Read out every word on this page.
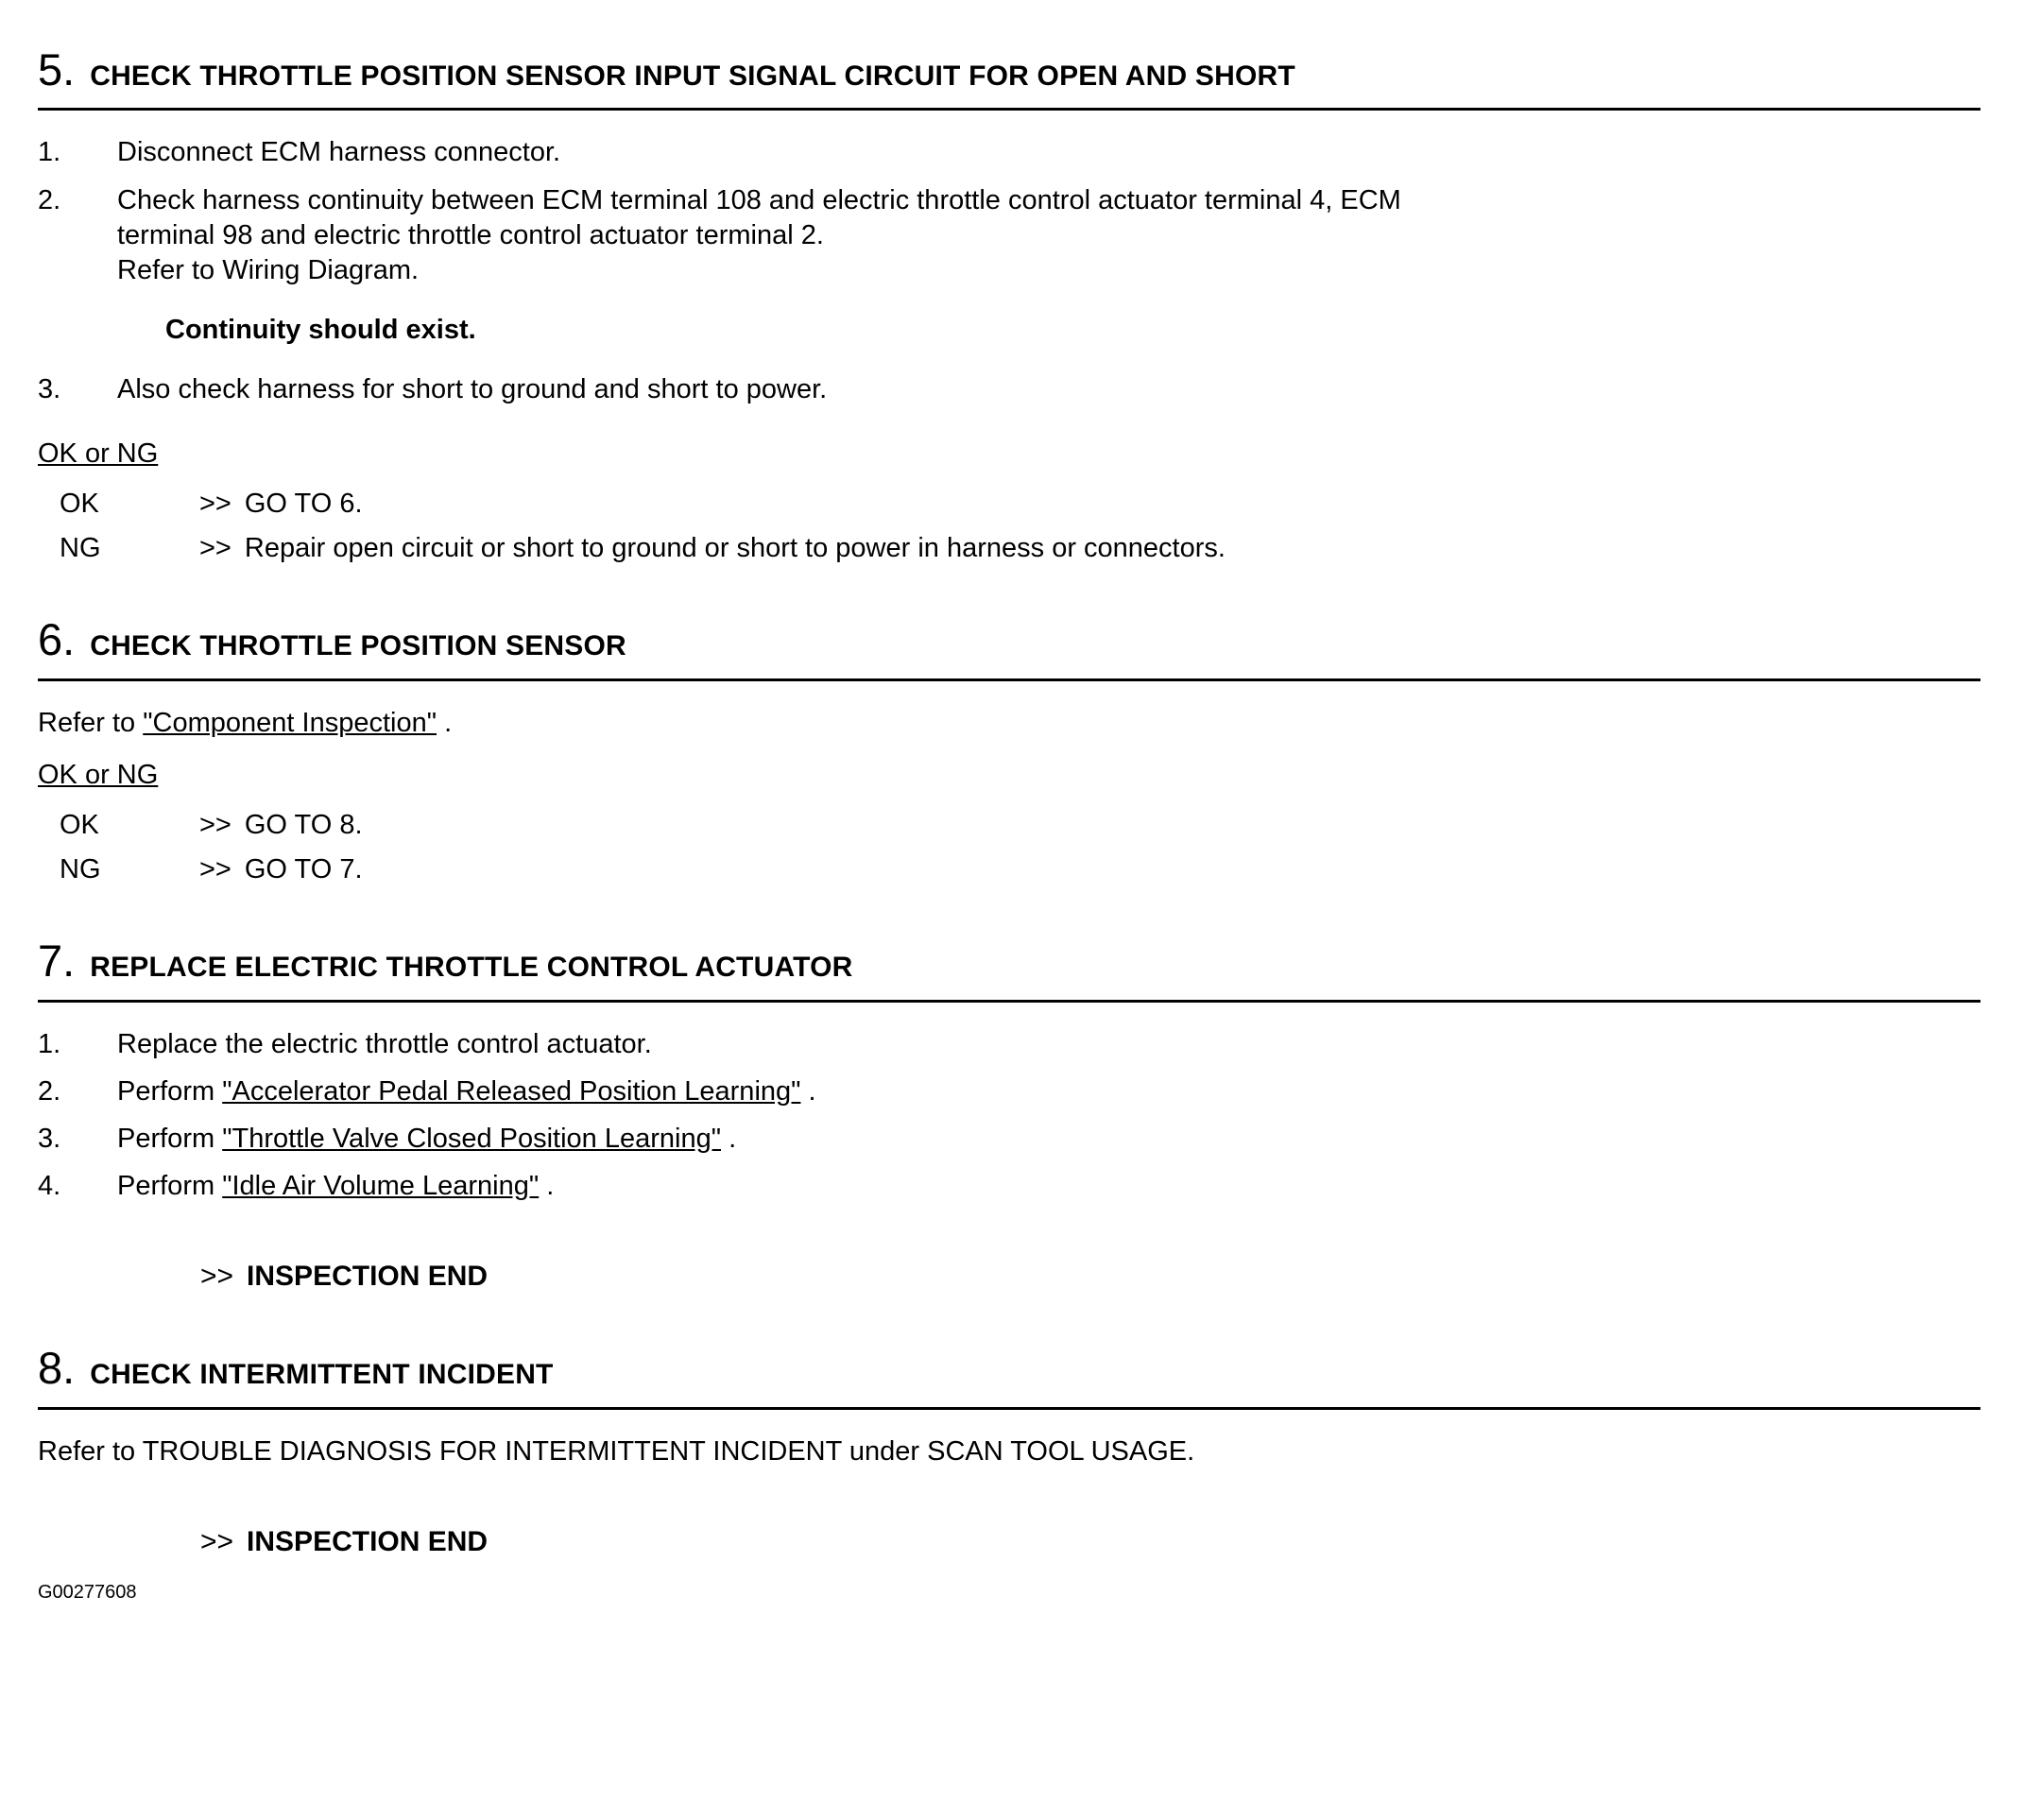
5. CHECK THROTTLE POSITION SENSOR INPUT SIGNAL CIRCUIT FOR OPEN AND SHORT
1.	Disconnect ECM harness connector.
2.	Check harness continuity between ECM terminal 108 and electric throttle control actuator terminal 4, ECM terminal 98 and electric throttle control actuator terminal 2.
Refer to Wiring Diagram.
Continuity should exist.
3.	Also check harness for short to ground and short to power.
OK or NG
OK	>> GO TO 6.
NG	>> Repair open circuit or short to ground or short to power in harness or connectors.
6. CHECK THROTTLE POSITION SENSOR
Refer to "Component Inspection" .
OK or NG
OK	>> GO TO 8.
NG	>> GO TO 7.
7. REPLACE ELECTRIC THROTTLE CONTROL ACTUATOR
1.	Replace the electric throttle control actuator.
2.	Perform "Accelerator Pedal Released Position Learning" .
3.	Perform "Throttle Valve Closed Position Learning" .
4.	Perform "Idle Air Volume Learning" .
>> INSPECTION END
8. CHECK INTERMITTENT INCIDENT
Refer to TROUBLE DIAGNOSIS FOR INTERMITTENT INCIDENT under SCAN TOOL USAGE.
>> INSPECTION END
G00277608
